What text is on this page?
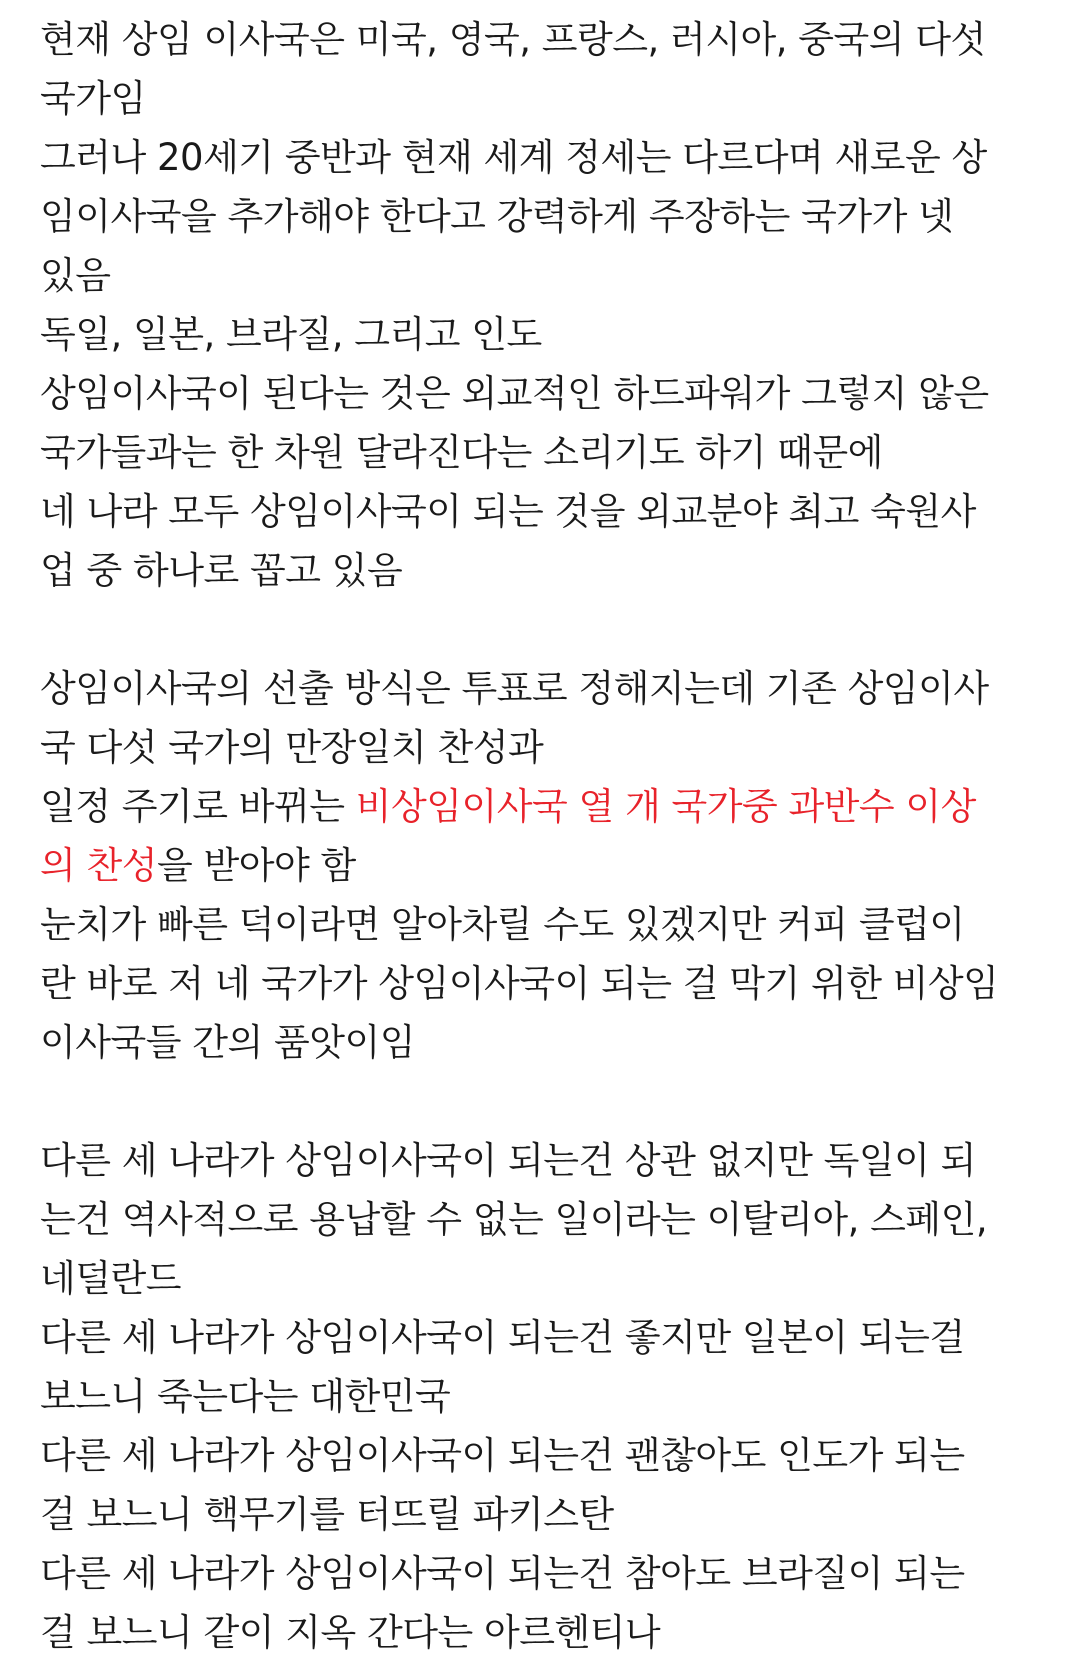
현재 상임 이사국은 미국, 영국, 프랑스, 러시아, 중국의 다섯
국가임
그러나 20세기 중반과 현재 세계 정세는 다르다며 새로운 상
임이사국을 추가해야 한다고 강력하게 주장하는 국가가 넷
있음
독일, 일본, 브라질, 그리고 인도
상임이사국이 된다는 것은 외교적인 하드파워가 그렇지 않은
국가들과는 한 차원 달라진다는 소리기도 하기 때문에
네 나라 모두 상임이사국이 되는 것을 외교분야 최고 숙원사
업 중 하나로 꼽고 있음
상임이사국의 선출 방식은 투표로 정해지는데 기존 상임이사
국 다섯 국가의 만장일치 찬성과
일정 주기로 바뀌는 비상임이사국 열 개 국가중 과반수 이상
의 찬성을 받아야 함
눈치가 빠른 덕이라면 알아차릴 수도 있겠지만 커피 클럽이
란 바로 저 네 국가가 상임이사국이 되는 걸 막기 위한 비상임
이사국들 간의 품앗이임
다른 세 나라가 상임이사국이 되는건 상관 없지만 독일이 되
는건 역사적으로 용납할 수 없는 일이라는 이탈리아, 스페인,
네덜란드
다른 세 나라가 상임이사국이 되는건 좋지만 일본이 되는걸
보느니 죽는다는 대한민국
다른 세 나라가 상임이사국이 되는건 괜찮아도 인도가 되는
걸 보느니 핵무기를 터뜨릴 파키스탄
다른 세 나라가 상임이사국이 되는건 참아도 브라질이 되는
걸 보느니 같이 지옥 간다는 아르헨티나
